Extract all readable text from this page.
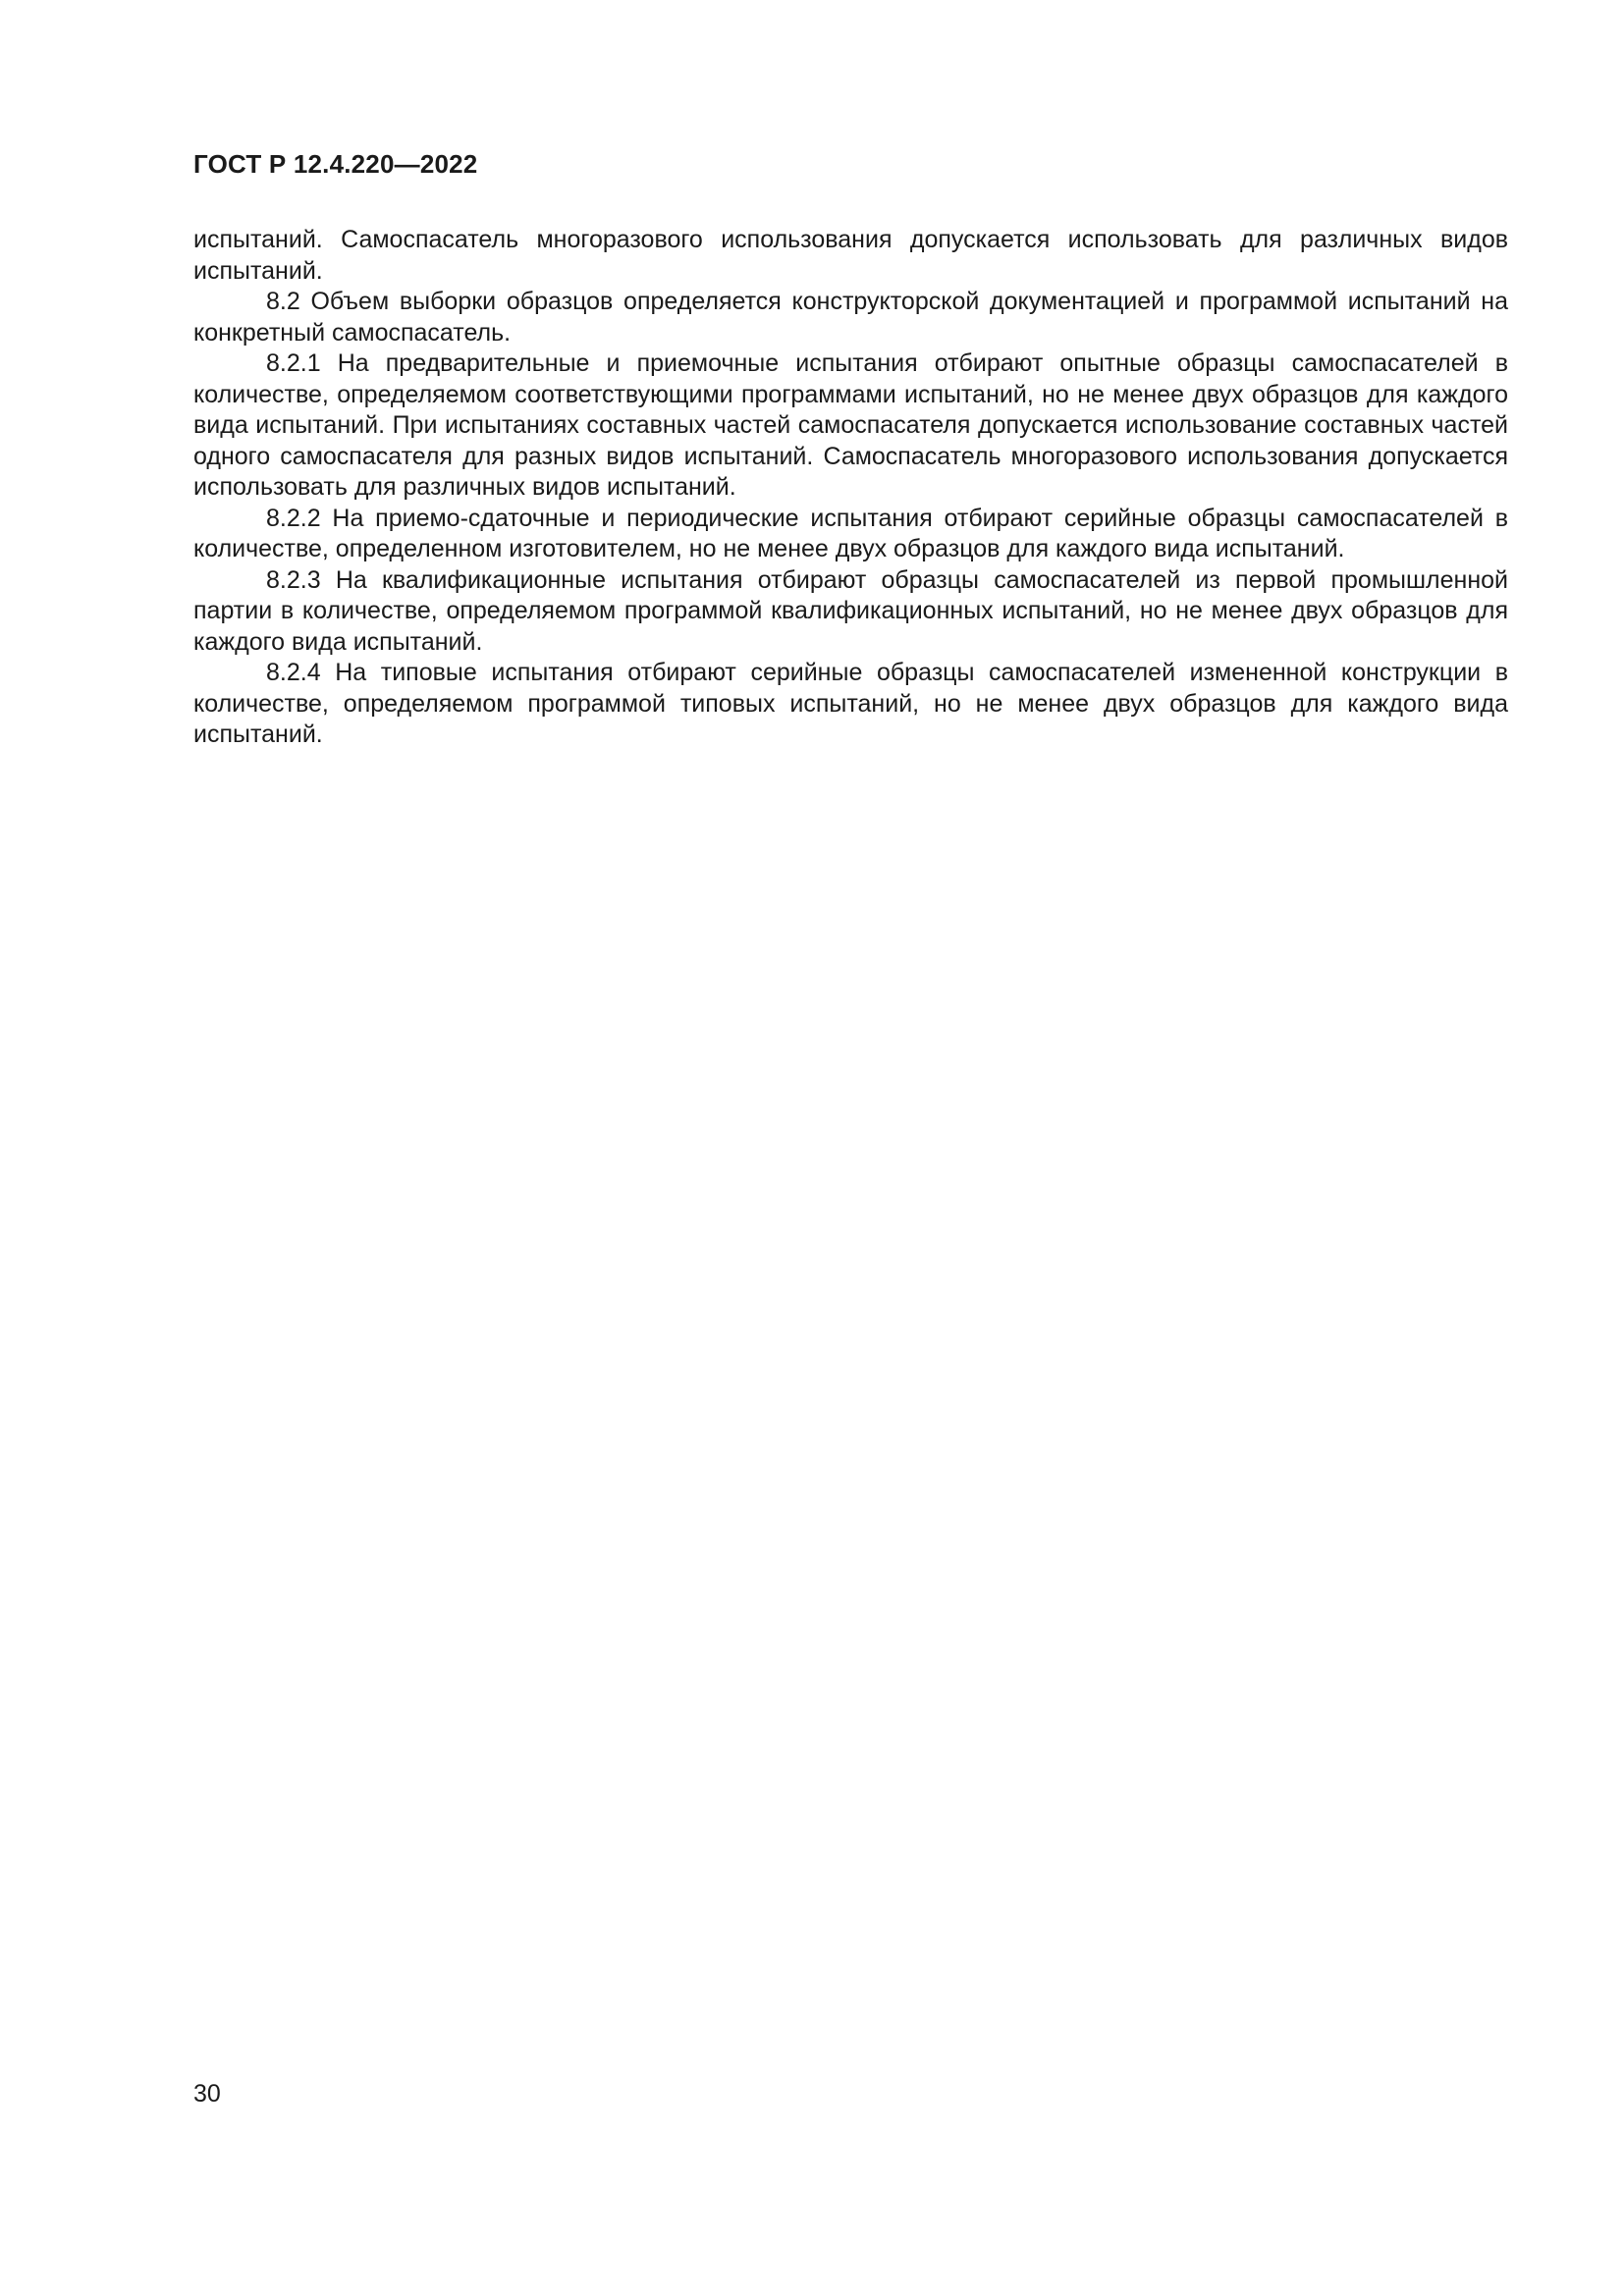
ГОСТ Р 12.4.220—2022

испытаний. Самоспасатель многоразового использования допускается использовать для различных видов испытаний.

8.2 Объем выборки образцов определяется конструкторской документацией и программой испытаний на конкретный самоспасатель.

8.2.1 На предварительные и приемочные испытания отбирают опытные образцы самоспасателей в количестве, определяемом соответствующими программами испытаний, но не менее двух образцов для каждого вида испытаний. При испытаниях составных частей самоспасателя допускается использование составных частей одного самоспасателя для разных видов испытаний. Самоспасатель многоразового использования допускается использовать для различных видов испытаний.

8.2.2 На приемо-сдаточные и периодические испытания отбирают серийные образцы самоспасателей в количестве, определенном изготовителем, но не менее двух образцов для каждого вида испытаний.

8.2.3 На квалификационные испытания отбирают образцы самоспасателей из первой промышленной партии в количестве, определяемом программой квалификационных испытаний, но не менее двух образцов для каждого вида испытаний.

8.2.4 На типовые испытания отбирают серийные образцы самоспасателей измененной конструкции в количестве, определяемом программой типовых испытаний, но не менее двух образцов для каждого вида испытаний.

30
